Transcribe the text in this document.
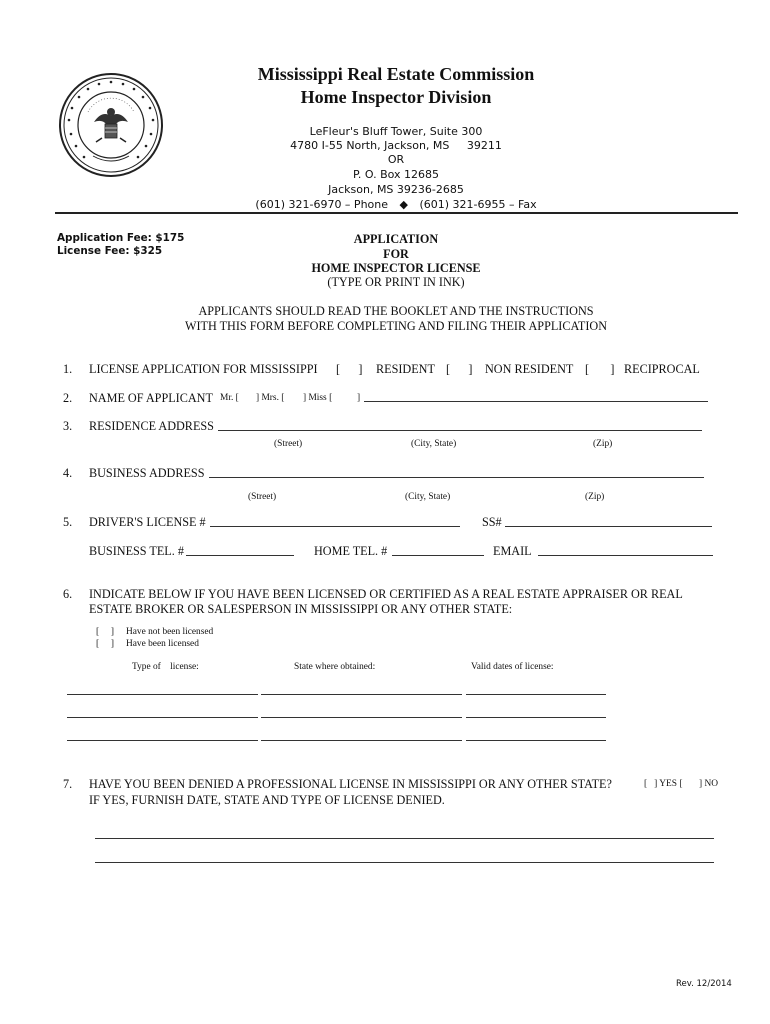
Mississippi Real Estate Commission
Home Inspector Division
LeFleur's Bluff Tower, Suite 300
4780 I-55 North, Jackson, MS     39211
OR
P. O. Box 12685
Jackson, MS 39236-2685
(601) 321-6970 – Phone ◆ (601) 321-6955 – Fax
Application Fee: $175
License Fee: $325
APPLICATION
FOR
HOME INSPECTOR LICENSE
(TYPE OR PRINT IN INK)
APPLICANTS SHOULD READ THE BOOKLET AND THE INSTRUCTIONS
WITH THIS FORM BEFORE COMPLETING AND FILING THEIR APPLICATION
1. LICENSE APPLICATION FOR MISSISSIPPI [      ] RESIDENT [      ] NON RESIDENT [       ] RECIPROCAL
2. NAME OF APPLICANT Mr. [ ] Mrs. [ ] Miss [	]
3. RESIDENCE ADDRESS
(Street)	(City, State)	(Zip)
4. BUSINESS ADDRESS
(Street)	(City, State)	(Zip)
5. DRIVER'S LICENSE #	SS#
BUSINESS TEL. #	HOME TEL. #	EMAIL
6. INDICATE BELOW IF YOU HAVE BEEN LICENSED OR CERTIFIED AS A REAL ESTATE APPRAISER OR REAL
ESTATE BROKER OR SALESPERSON IN MISSISSIPPI OR ANY OTHER STATE:
[     ] Have not been licensed
[     ] Have been licensed
Type of    license:	State where obtained:	Valid dates of license:
7. HAVE YOU BEEN DENIED A PROFESSIONAL LICENSE IN MISSISSIPPI OR ANY OTHER STATE?	[   ] YES [ ] NO
IF YES, FURNISH DATE, STATE AND TYPE OF LICENSE DENIED.
Rev. 12/2014
